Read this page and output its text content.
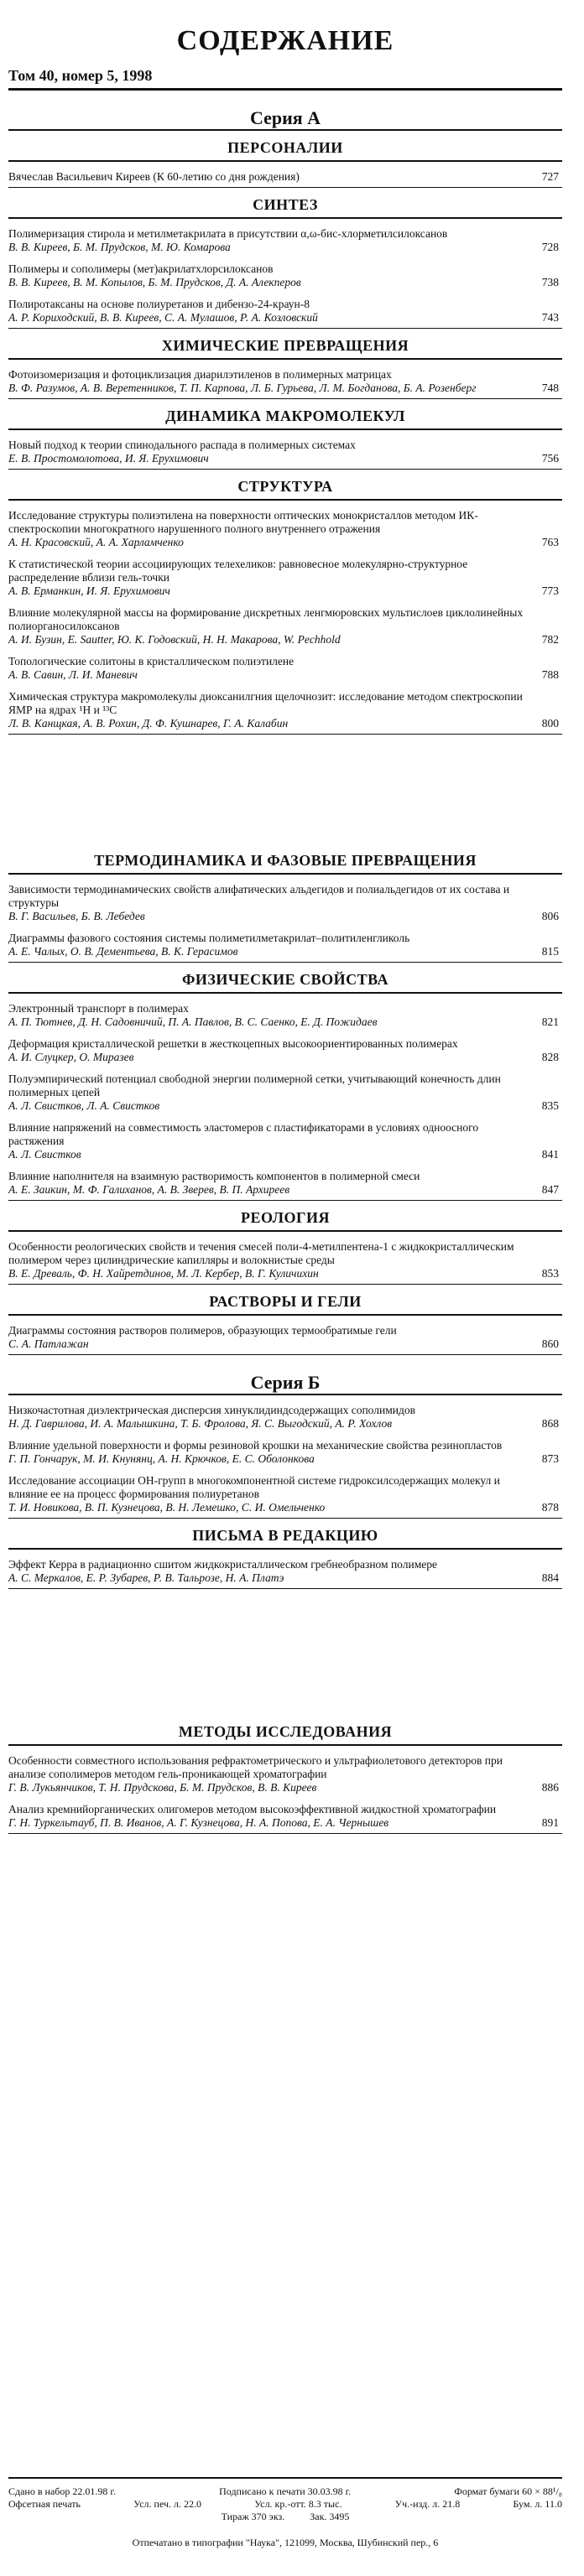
СОДЕРЖАНИЕ
Том 40, номер 5, 1998
Серия А
ПЕРСОНАЛИИ
Вячеслав Васильевич Киреев (К 60-летию со дня рождения)	727
СИНТЕЗ
Полимеризация стирола и метилметакрилата в присутствии α,ω-бис-хлорметилсилоксанов
В. В. Киреев, Б. М. Прудсков, М. Ю. Комарова	728
Полимеры и сополимеры (мет)акрилатхлорсилоксанов
В. В. Киреев, В. М. Копылов, Б. М. Прудсков, Д. А. Алекперов	738
Полиротаксаны на основе полиуретанов и дибензо-24-краун-8
А. Р. Кориходский, В. В. Киреев, С. А. Мулашов, Р. А. Козловский	743
ХИМИЧЕСКИЕ ПРЕВРАЩЕНИЯ
Фотоизомеризация и фотоциклизация диарилэтиленов в полимерных матрицах
В. Ф. Разумов, А. В. Веретенников, Т. П. Карпова, Л. Б. Гурьева, Л. М. Богданова, Б. А. Розенберг	748
ДИНАМИКА МАКРОМОЛЕКУЛ
Новый подход к теории спинодального распада в полимерных системах
Е. В. Простомолотова, И. Я. Ерухимович	756
СТРУКТУРА
Исследование структуры полиэтилена на поверхности оптических монокристаллов методом ИК-спектроскопии многократного нарушенного полного внутреннего отражения
А. Н. Красовский, А. А. Харламченко	763
К статистической теории ассоциирующих телехеликов: равновесное молекулярно-структурное распределение вблизи гель-точки
А. В. Ерманкин, И. Я. Ерухимович	773
Влияние молекулярной массы на формирование дискретных ленгмюровских мультислоев циклолинейных полиорганосилоксанов
А. И. Бузин, Е. Sautter, Ю. К. Годовский, Н. Н. Макарова, W. Pechhold	782
Топологические солитоны в кристаллическом полиэтилене
А. В. Савин, Л. И. Маневич	788
Химическая структура макромолекулы диоксанилгния щелочнозит: исследование методом спектроскопии ЯМР на ядрах ¹H и ¹³C
Л. В. Канщкая, А. В. Рохин, Д. Ф. Кушнарев, Г. А. Калабин	800
ТЕРМОДИНАМИКА И ФАЗОВЫЕ ПРЕВРАЩЕНИЯ
Зависимости термодинамических свойств алифатических альдегидов и полиальдегидов от их состава и структуры
В. Г. Васильев, Б. В. Лебедев	806
Диаграммы фазового состояния системы полиметилметакрилат–политиленгликоль
А. Е. Чалых, О. В. Дементьева, В. К. Герасимов	815
ФИЗИЧЕСКИЕ СВОЙСТВА
Электронный транспорт в полимерах
А. П. Тютнев, Д. Н. Садовничий, П. А. Павлов, В. С. Саенко, Е. Д. Пожидаев	821
Деформация кристаллической решетки в жесткоцепных высокоориентированных полимерах
А. И. Слуцкер, О. Миразев	828
Полуэмпирический потенциал свободной энергии полимерной сетки, учитывающий конечность длин полимерных цепей
А. Л. Свистков, Л. А. Свистков	835
Влияние напряжений на совместимость эластомеров с пластификаторами в условиях одноосного растяжения
А. Л. Свистков	841
Влияние наполнителя на взаимную растворимость компонентов в полимерной смеси
А. Е. Заикин, М. Ф. Галиханов, А. В. Зверев, В. П. Архиреев	847
РЕОЛОГИЯ
Особенности реологических свойств и течения смесей поли-4-метилпентена-1 с жидкокристаллическим полимером через цилиндрические капилляры и волокнистые среды
В. Е. Древаль, Ф. Н. Хайретдинов, М. Л. Кербер, В. Г. Куличихин	853
РАСТВОРЫ И ГЕЛИ
Диаграммы состояния растворов полимеров, образующих термообратимые гели
С. А. Патлажан	860
Серия Б
Низкочастотная диэлектрическая дисперсия хинуклидиндсодержащих сополимидов
Н. Д. Гаврилова, И. А. Малышкина, Т. Б. Фролова, Я. С. Выгодский, А. Р. Хохлов	868
Влияние удельной поверхности и формы резиновой крошки на механические свойства резинопластов
Г. П. Гончарук, М. И. Кнунянц, А. Н. Крючков, Е. С. Оболонкова	873
Исследование ассоциации ОН-групп в многокомпонентной системе гидроксилсодержащих молекул и влияние ее на процесс формирования полиуретанов
Т. И. Новикова, В. П. Кузнецова, В. Н. Лемешко, С. И. Омельченко	878
ПИСЬМА В РЕДАКЦИЮ
Эффект Керра в радиационно сшитом жидкокристаллическом гребнеобразном полимере
А. С. Меркалов, Е. Р. Зубарев, Р. В. Тальрозе, Н. А. Платэ	884
МЕТОДЫ ИССЛЕДОВАНИЯ
Особенности совместного использования рефрактометрического и ультрафиолетового детекторов при анализе сополимеров методом гель-проникающей хроматографии
Г. В. Лукьянчиков, Т. Н. Прудскова, Б. М. Прудсков, В. В. Киреев	886
Анализ кремнийорганических олигомеров методом высокоэффективной жидкостной хроматографии
Г. Н. Туркельтауб, П. В. Иванов, А. Г. Кузнецова, Н. А. Попова, Е. А. Чернышев	891
Сдано в набор 22.01.98 г.	Подписано к печати 30.03.98 г.	Формат бумаги 60 × 88¹/₈
Офсетная печать	Усл. печ. л. 22.0	Усл. кр.-отт. 8.3 тыс.	Уч.-изд. л. 21.8	Бум. л. 11.0
Тираж 370 экз.	Зак. 3495
Отпечатано в типографии "Наука", 121099, Москва, Шубинский пер., 6
